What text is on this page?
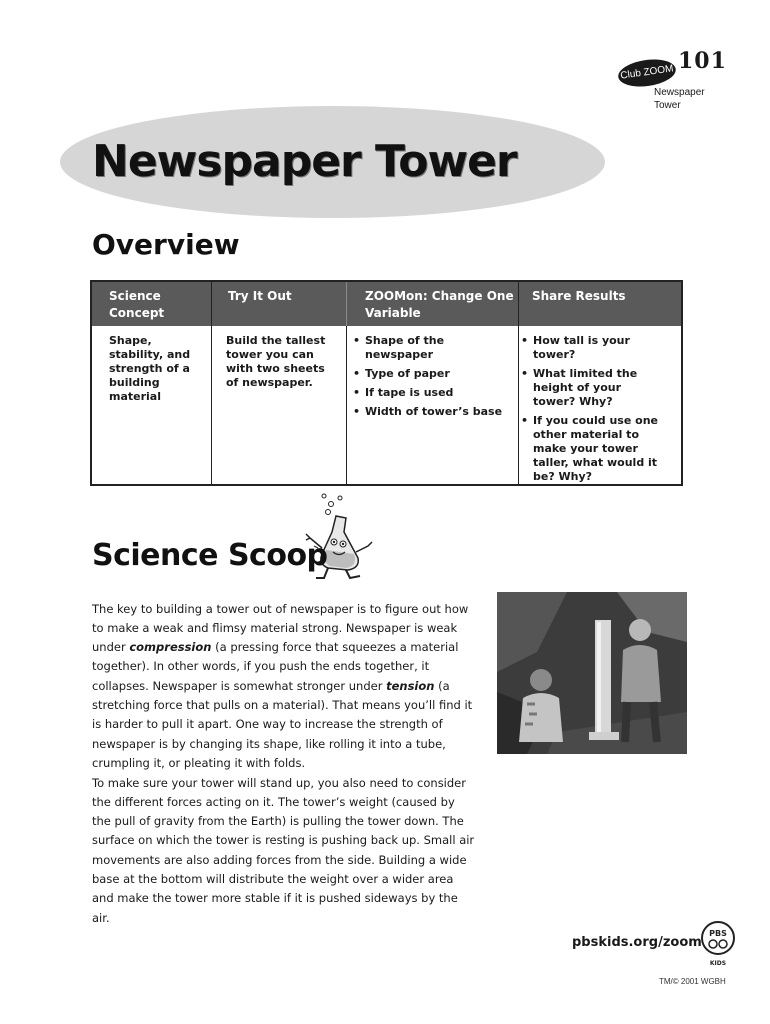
Club ZOOM 101
Newspaper Tower
Newspaper Tower
Overview
Science Concept
Try It Out	ZOOMon: Change One Variable
Share Results
Shape, stability, and strength of a building material
Build the tallest tower you can with two sheets of newspaper.
• Shape of the newspaper
• Type of paper
• If tape is used
• Width of tower’s base
• How tall is your tower?
• What limited the height of your tower? Why?
• If you could use one other material to make your tower taller, what would it be? Why?
Science Scoop

The key to building a tower out of newspaper is to figure out how to make a weak and flimsy material strong. Newspaper is weak under compression (a pressing force that squeezes a material together). In other words, if you push the ends together, it collapses. Newspaper is somewhat stronger under tension (a stretching force that pulls on a material). That means you’ll find it is harder to pull it apart. One way to increase the strength of newspaper is by changing its shape, like rolling it into a tube, crumpling it, or pleating it with folds.

To make sure your tower will stand up, you also need to consider the different forces acting on it. The tower’s weight (caused by the pull of gravity from the Earth) is pulling the tower down. The surface on which the tower is resting is pushing back up. Small air movements are also adding forces from the side. Building a wide base at the bottom will distribute the weight over a wider area and make the tower more stable if it is pushed sideways by the air.

pbskids.org/zoom
PBS
KIDS
TM/© 2001 WGBH
